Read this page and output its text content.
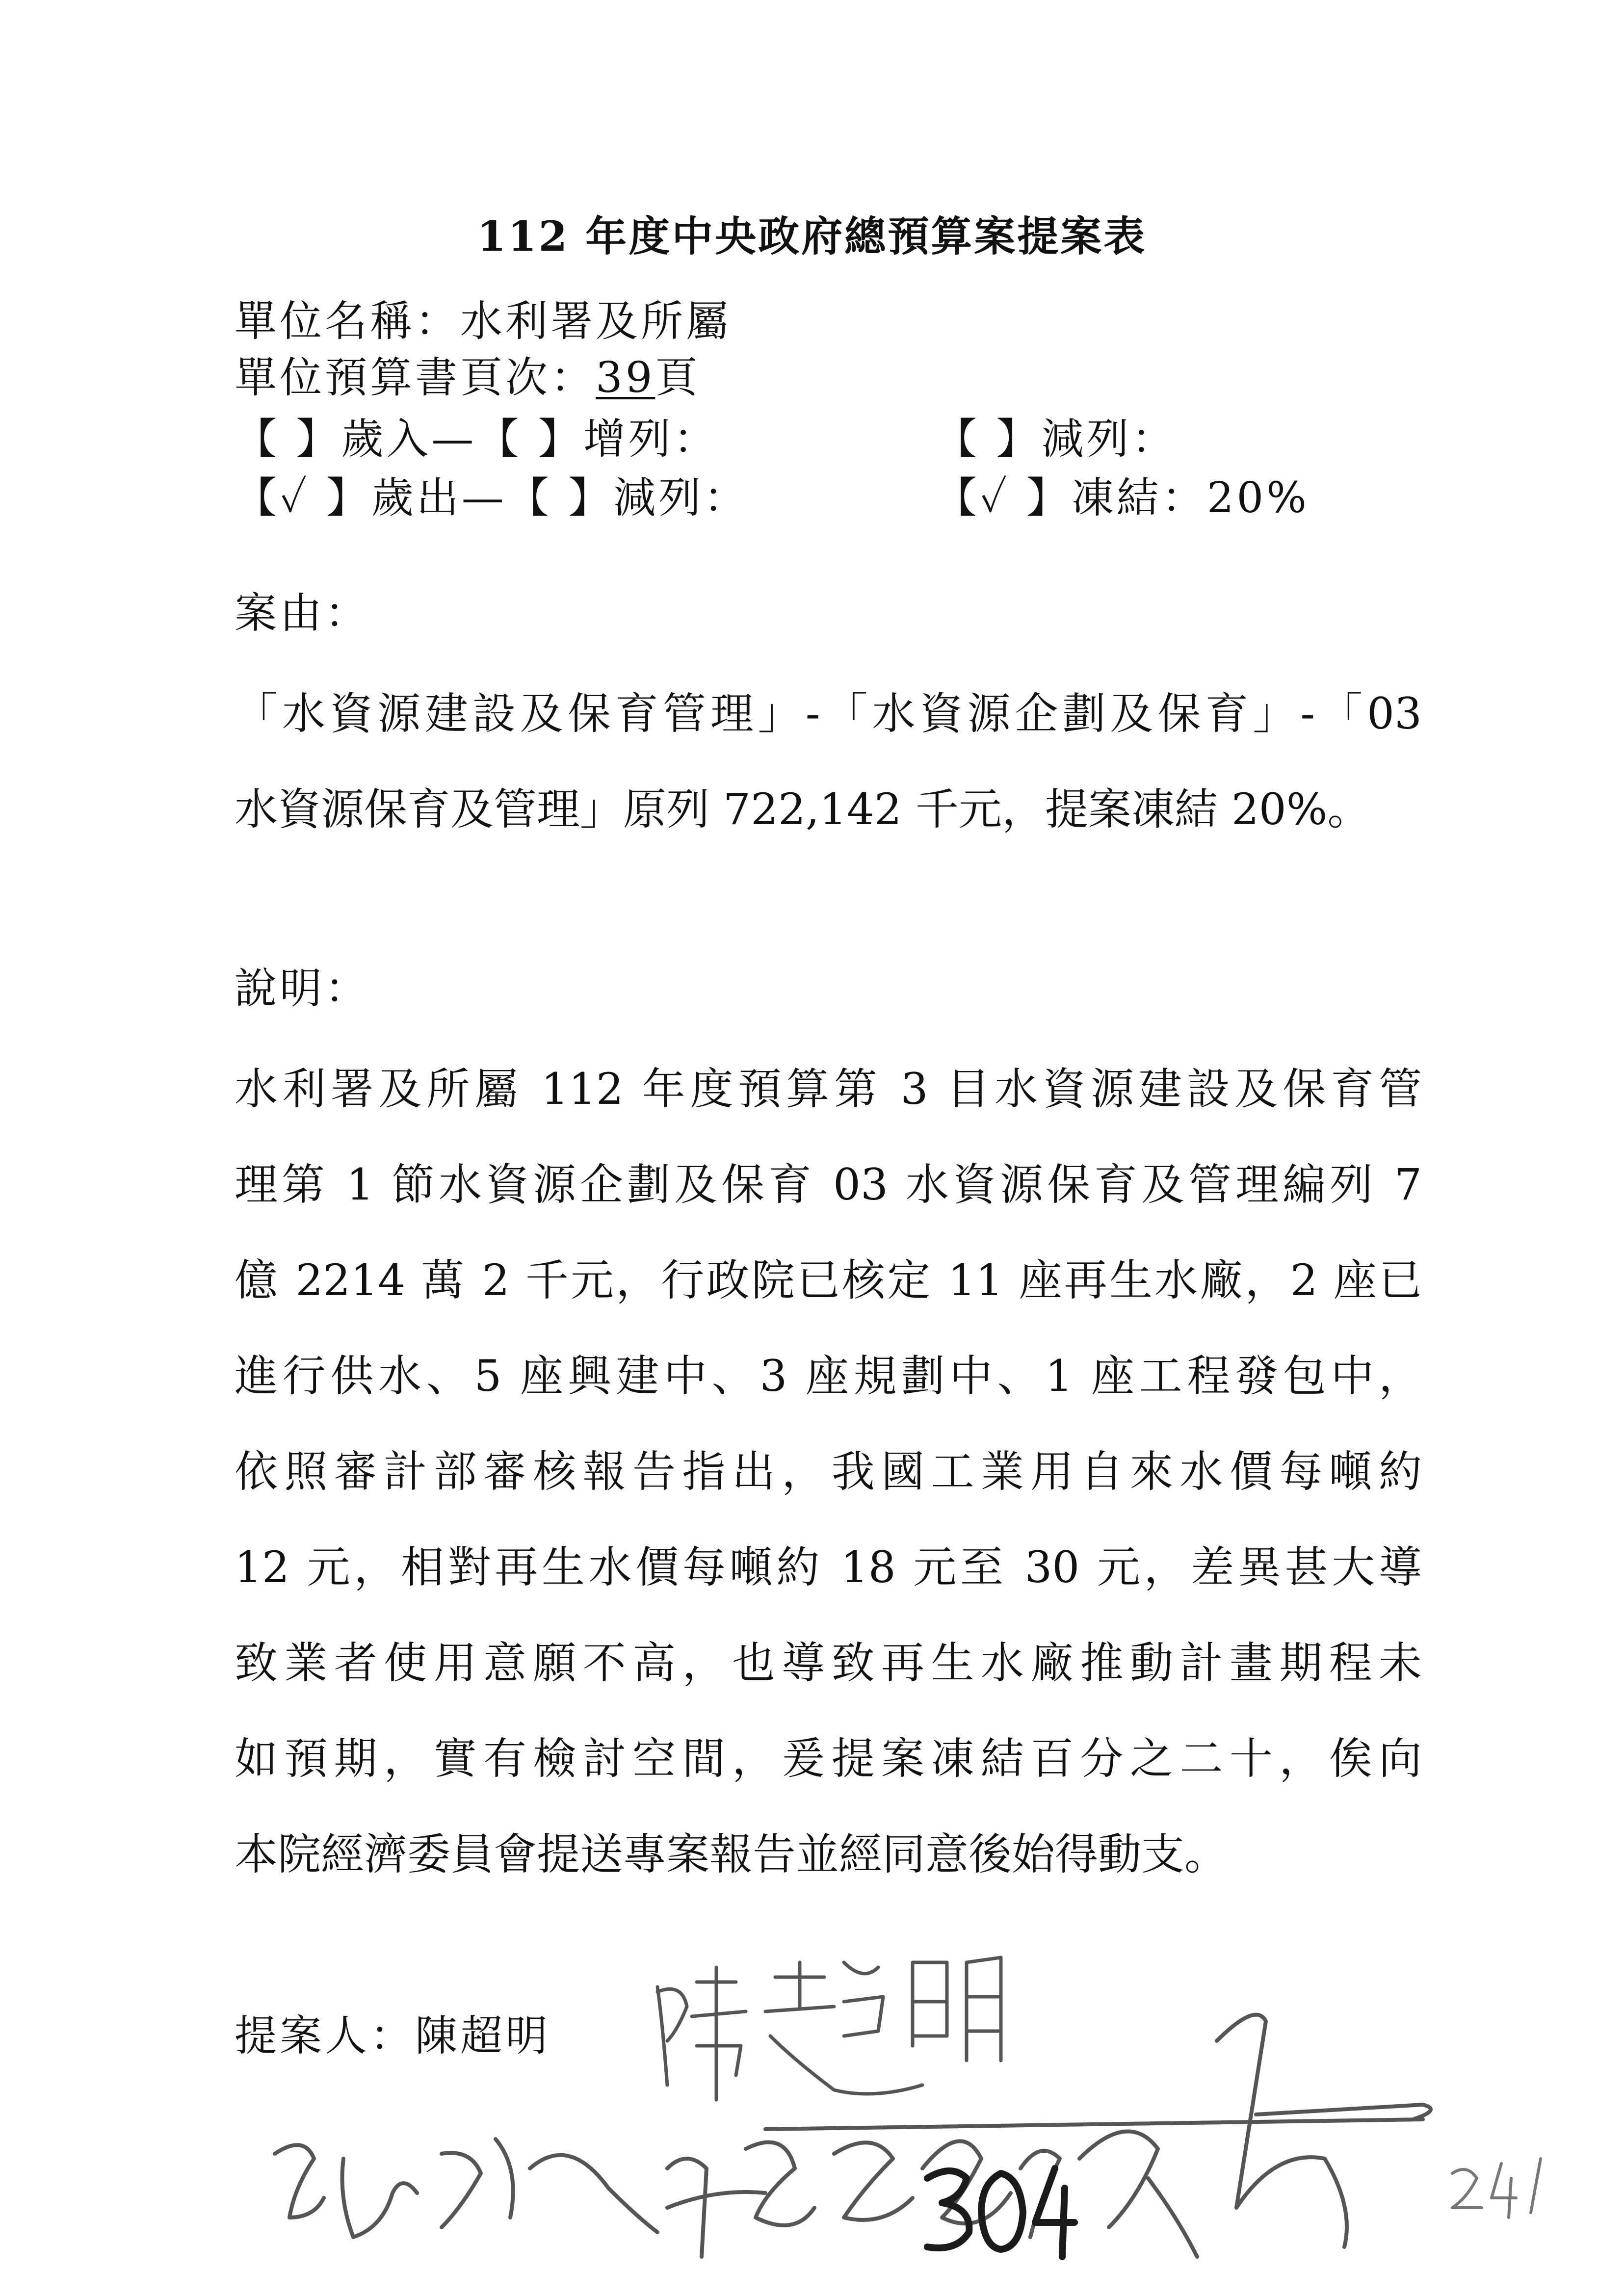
112 年度中央政府總預算案提案表
單位名稱：水利署及所屬
單位預算書頁次：39頁
【 】歲入—【 】增列：	【 】減列：
【✓ 】歲出—【 】減列：	【✓ 】凍結：20%
案由：
「水資源建設及保育管理」-「水資源企劃及保育」-「03
水資源保育及管理」原列 722,142 千元，提案凍結 20%。
說明：
水利署及所屬 112 年度預算第 3 目水資源建設及保育管
理第 1 節水資源企劃及保育 03 水資源保育及管理編列 7
億 2214 萬 2 千元，行政院已核定 11 座再生水廠，2 座已
進行供水、5 座興建中、3 座規劃中、1 座工程發包中，
依照審計部審核報告指出，我國工業用自來水價每噸約
12 元，相對再生水價每噸約 18 元至 30 元，差異甚大導
致業者使用意願不高，也導致再生水廠推動計畫期程未
如預期，實有檢討空間，爰提案凍結百分之二十，俟向
本院經濟委員會提送專案報告並經同意後始得動支。
提案人：陳超明
